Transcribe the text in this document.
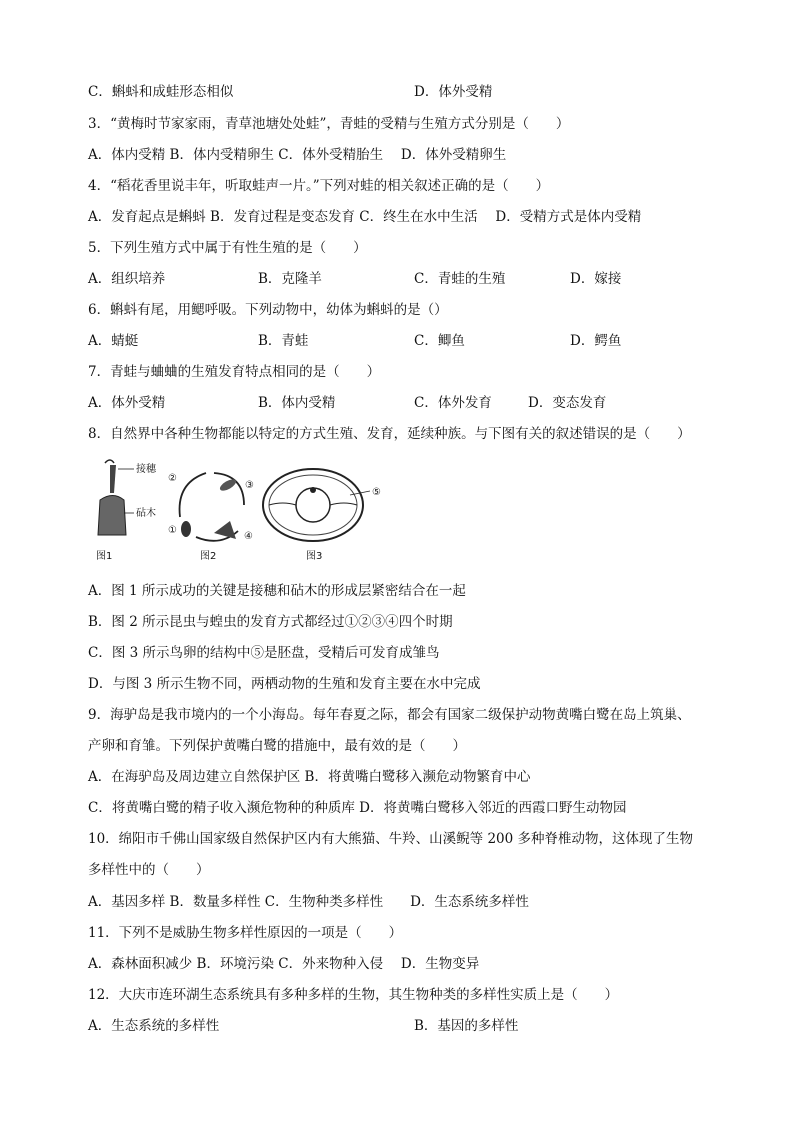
C．蝌蚪和成蛙形态相似	D．体外受精
3．“黄梅时节家家雨，青草池塘处处蛙”，青蛙的受精与生殖方式分别是（　　）
A．体内受精 B．体内受精卵生 C．体外受精胎生　 D．体外受精卵生
4．“稻花香里说丰年，听取蛙声一片。”下列对蛙的相关叙述正确的是（　　）
A．发育起点是蝌蚪 B．发育过程是变态发育 C．终生在水中生活　 D．受精方式是体内受精
5．下列生殖方式中属于有性生殖的是（　　）
A．组织培养	B．克隆羊	C．青蛙的生殖	D．嫁接
6．蝌蚪有尾，用鳃呼吸。下列动物中，幼体为蝌蚪的是（）
A．蜻蜓	B．青蛙	C．鲫鱼	D．鳄鱼
7．青蛙与蛐蛐的生殖发育特点相同的是（　　）
A．体外受精	B．体内受精	C．体外发育	D．变态发育
8．自然界中各种生物都能以特定的方式生殖、发育，延续种族。与下图有关的叙述错误的是（　　）
接穗
砧木
图1
①
②
③
④
图2
⑤
图3
A．图 1 所示成功的关键是接穗和砧木的形成层紧密结合在一起
B．图 2 所示昆虫与蝗虫的发育方式都经过①②③④四个时期
C．图 3 所示鸟卵的结构中⑤是胚盘，受精后可发育成雏鸟
D．与图 3 所示生物不同，两栖动物的生殖和发育主要在水中完成
9．海驴岛是我市境内的一个小海岛。每年春夏之际，都会有国家二级保护动物黄嘴白鹭在岛上筑巢、
产卵和育雏。下列保护黄嘴白鹭的措施中，最有效的是（　　）
A．在海驴岛及周边建立自然保护区 B．将黄嘴白鹭移入濒危动物繁育中心
C．将黄嘴白鹭的精子收入濒危物种的种质库 D．将黄嘴白鹭移入邻近的西霞口野生动物园
10．绵阳市千佛山国家级自然保护区内有大熊猫、牛羚、山溪鲵等 200 多种脊椎动物，这体现了生物
多样性中的（　　）
A．基因多样 B．数量多样性 C．生物种类多样性　　D．生态系统多样性
11．下列不是威胁生物多样性原因的一项是（　　）
A．森林面积减少 B．环境污染 C．外来物种入侵　 D．生物变异
12．大庆市连环湖生态系统具有多种多样的生物，其生物种类的多样性实质上是（　　）
A．生态系统的多样性	B．基因的多样性
